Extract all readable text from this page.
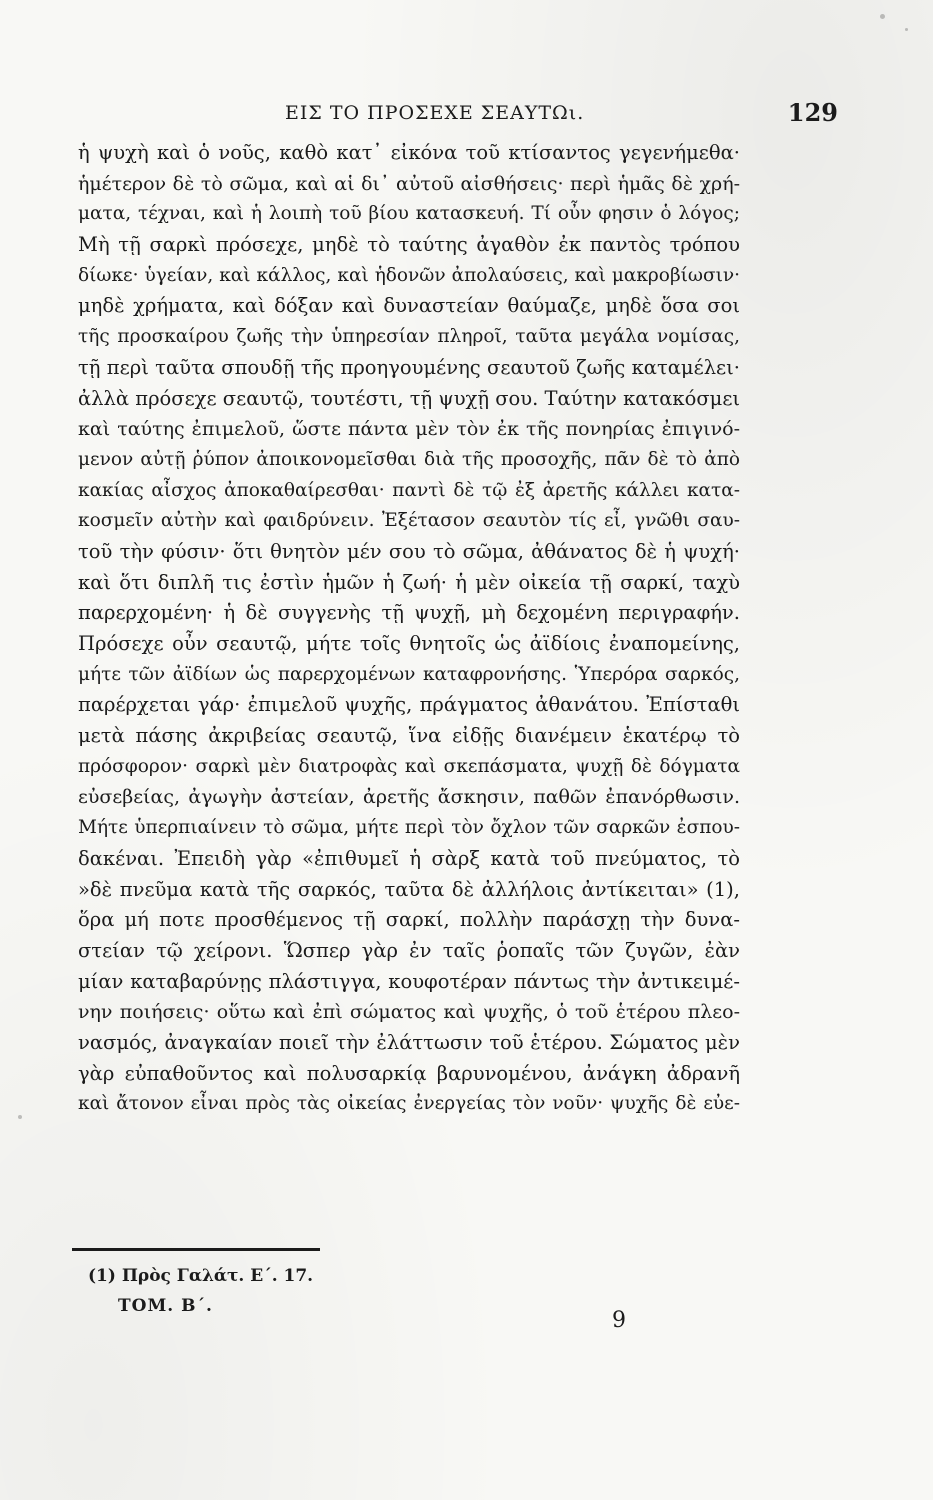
ΕΙΣ ΤΟ ΠΡΟΣΕΧΕ ΣΕΑΥΤΩι.	129
ἡ ψυχὴ καὶ ὁ νοῦς, καθὸ κατ᾽ εἰκόνα τοῦ κτίσαντος γεγενήμεθα·
ἡμέτερον δὲ τὸ σῶμα, καὶ αἱ δι᾽ αὐτοῦ αἰσθήσεις· περὶ ἡμᾶς δὲ χρή-
ματα, τέχναι, καὶ ἡ λοιπὴ τοῦ βίου κατασκευή. Τί οὖν φησιν ὁ λόγος;
Μὴ τῇ σαρκὶ πρόσεχε, μηδὲ τὸ ταύτης ἀγαθὸν ἐκ παντὸς τρόπου
δίωκε· ὑγείαν, καὶ κάλλος, καὶ ἡδονῶν ἀπολαύσεις, καὶ μακροβίωσιν·
μηδὲ χρήματα, καὶ δόξαν καὶ δυναστείαν θαύμαζε, μηδὲ ὅσα σοι
τῆς προσκαίρου ζωῆς τὴν ὑπηρεσίαν πληροῖ, ταῦτα μεγάλα νομίσας,
τῇ περὶ ταῦτα σπουδῇ τῆς προηγουμένης σεαυτοῦ ζωῆς καταμέλει·
ἀλλὰ πρόσεχε σεαυτῷ, τουτέστι, τῇ ψυχῇ σου. Ταύτην κατακόσμει
καὶ ταύτης ἐπιμελοῦ, ὥστε πάντα μὲν τὸν ἐκ τῆς πονηρίας ἐπιγινό-
μενον αὐτῇ ῥύπον ἀποικονομεῖσθαι διὰ τῆς προσοχῆς, πᾶν δὲ τὸ ἀπὸ
κακίας αἶσχος ἀποκαθαίρεσθαι· παντὶ δὲ τῷ ἐξ ἀρετῆς κάλλει κατα-
κοσμεῖν αὐτὴν καὶ φαιδρύνειν. Ἐξέτασον σεαυτὸν τίς εἶ, γνῶθι σαυ-
τοῦ τὴν φύσιν· ὅτι θνητὸν μέν σου τὸ σῶμα, ἀθάνατος δὲ ἡ ψυχή·
καὶ ὅτι διπλῆ τις ἐστὶν ἡμῶν ἡ ζωή· ἡ μὲν οἰκεία τῇ σαρκί, ταχὺ
παρερχομένη· ἡ δὲ συγγενὴς τῇ ψυχῇ, μὴ δεχομένη περιγραφήν.
Πρόσεχε οὖν σεαυτῷ, μήτε τοῖς θνητοῖς ὡς ἀϊδίοις ἐναπομείνης,
μήτε τῶν ἀϊδίων ὡς παρερχομένων καταφρονήσης. Ὑπερόρα σαρκός,
παρέρχεται γάρ· ἐπιμελοῦ ψυχῆς, πράγματος ἀθανάτου. Ἐπίσταθι
μετὰ πάσης ἀκριβείας σεαυτῷ, ἵνα εἰδῇς διανέμειν ἑκατέρῳ τὸ
πρόσφορον· σαρκὶ μὲν διατροφὰς καὶ σκεπάσματα, ψυχῇ δὲ δόγματα
εὐσεβείας, ἀγωγὴν ἀστείαν, ἀρετῆς ἄσκησιν, παθῶν ἐπανόρθωσιν.
Μήτε ὑπερπιαίνειν τὸ σῶμα, μήτε περὶ τὸν ὄχλον τῶν σαρκῶν ἐσπου-
δακέναι. Ἐπειδὴ γὰρ «ἐπιθυμεῖ ἡ σὰρξ κατὰ τοῦ πνεύματος, τὸ
»δὲ πνεῦμα κατὰ τῆς σαρκός, ταῦτα δὲ ἀλλήλοις ἀντίκειται» (1),
ὅρα μή ποτε προσθέμενος τῇ σαρκί, πολλὴν παράσχῃ τὴν δυνα-
στείαν τῷ χείρονι. Ὥσπερ γὰρ ἐν ταῖς ῥοπαῖς τῶν ζυγῶν, ἐὰν
μίαν καταβαρύνῃς πλάστιγγα, κουφοτέραν πάντως τὴν ἀντικειμέ-
νην ποιήσεις· οὕτω καὶ ἐπὶ σώματος καὶ ψυχῆς, ὁ τοῦ ἑτέρου πλεο-
νασμός, ἀναγκαίαν ποιεῖ τὴν ἐλάττωσιν τοῦ ἑτέρου. Σώματος μὲν
γὰρ εὐπαθοῦντος καὶ πολυσαρκίᾳ βαρυνομένου, ἀνάγκη ἀδρανῆ
καὶ ἄτονον εἶναι πρὸς τὰς οἰκείας ἐνεργείας τὸν νοῦν· ψυχῆς δὲ εὐε-
(1) Πρὸς Γαλάτ. Ε΄. 17.
ΤΟΜ. Β΄.
9
